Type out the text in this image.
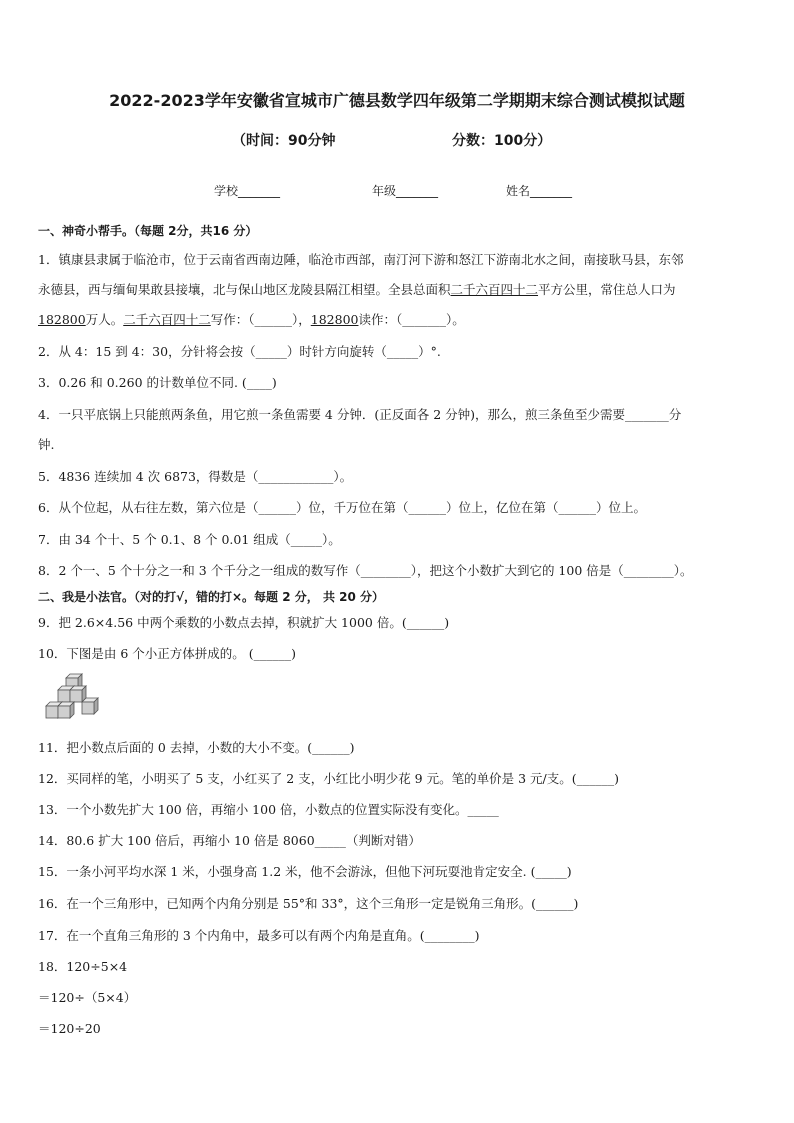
2022-2023学年安徽省宣城市广德县数学四年级第二学期期末综合测试模拟试题
（时间：90分钟	分数：100分）
学校_______	年级_______	姓名_______
一、神奇小帮手。（每题 2分，共16 分）
1．镇康县隶属于临沧市，位于云南省西南边陲，临沧市西部，南汀河下游和怒江下游南北水之间，南接耿马县，东邻
永德县，西与缅甸果敢县接壤，北与保山地区龙陵县隔江相望。全县总面积二千六百四十二平方公里，常住总人口为
182800万人。二千六百四十二写作：（______），182800读作：（_______）。
2．从 4：15 到 4：30，分针将会按（_____）时针方向旋转（_____）°.
3．0.26 和 0.260 的计数单位不同. (____)
4．一只平底锅上只能煎两条鱼，用它煎一条鱼需要 4 分钟．(正反面各 2 分钟)，那么，煎三条鱼至少需要_______分
钟.
5．4836 连续加 4 次 6873，得数是（____________）。
6．从个位起，从右往左数，第六位是（______）位，千万位在第（______）位上，亿位在第（______）位上。
7．由 34 个十、5 个 0.1、8 个 0.01 组成（_____）。
8．2 个一、5 个十分之一和 3 个千分之一组成的数写作（________），把这个小数扩大到它的 100 倍是（________）。
二、我是小法官。（对的打√，错的打×。每题 2 分， 共 20 分）
9．把 2.6×4.56 中两个乘数的小数点去掉，积就扩大 1000 倍。(______)
10．下图是由 6 个小正方体拼成的。 (______)
11．把小数点后面的 0 去掉，小数的大小不变。(______)
12．买同样的笔，小明买了 5 支，小红买了 2 支，小红比小明少花 9 元。笔的单价是 3 元/支。(______)
13．一个小数先扩大 100 倍，再缩小 100 倍，小数点的位置实际没有变化。_____
14．80.6 扩大 100 倍后，再缩小 10 倍是 8060_____（判断对错）
15．一条小河平均水深 1 米，小强身高 1.2 米，他不会游泳，但他下河玩耍池肯定安全. (_____)
16．在一个三角形中，已知两个内角分别是 55°和 33°，这个三角形一定是锐角三角形。(______)
17．在一个直角三角形的 3 个内角中，最多可以有两个内角是直角。(________)
18．120÷5×4
＝120÷（5×4）
＝120÷20
